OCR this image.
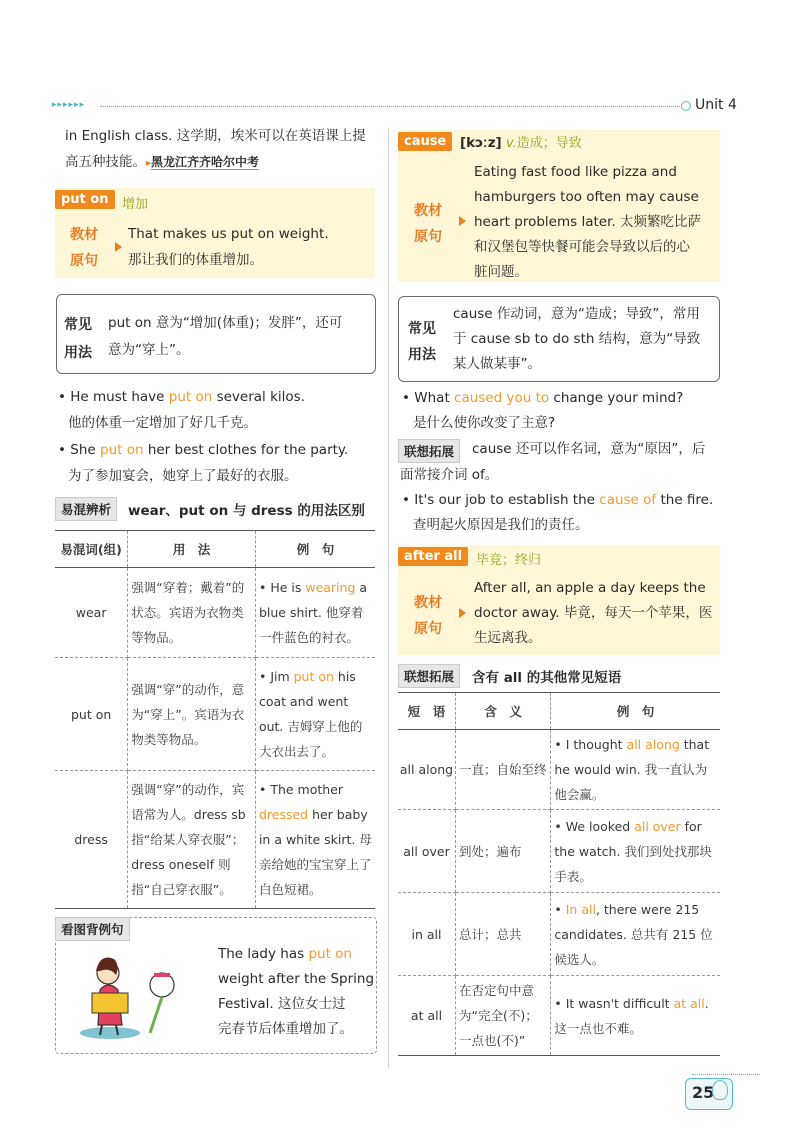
▸▸▸▸▸▸	Unit 4
in English class. 这学期，埃米可以在英语课上提
高五种技能。▸黑龙江齐齐哈尔中考
put on	增加
教材
原句
That makes us put on weight.
那让我们的体重增加。
常见
用法
put on 意为“增加(体重)；发胖”，还可
意为“穿上”。
• He must have put on several kilos.
他的体重一定增加了好几千克。
• She put on her best clothes for the party.
为了参加宴会，她穿上了最好的衣服。
易混辨析	wear、put on 与 dress 的用法区别
易混词(组)	用　法	例　句
wear	强调“穿着；戴着”的状态。宾语为衣物类等物品。	• He is wearing a blue shirt. 他穿着一件蓝色的衬衣。
put on	强调“穿”的动作，意为“穿上”。宾语为衣物类等物品。	• Jim put on his coat and went out. 吉姆穿上他的大衣出去了。
dress	强调“穿”的动作，宾语常为人。dress sb 指“给某人穿衣服”；dress oneself 则指“自己穿衣服”。	• The mother dressed her baby in a white skirt. 母亲给她的宝宝穿上了白色短裙。
看图背例句
The lady has put on
weight after the Spring
Festival. 这位女士过
完春节后体重增加了。
cause	[kɔːz] v.造成；导致
教材
原句
Eating fast food like pizza and
hamburgers too often may cause
heart problems later. 太频繁吃比萨
和汉堡包等快餐可能会导致以后的心
脏问题。
常见
用法
cause 作动词，意为“造成；导致”，常用
于 cause sb to do sth 结构，意为“导致
某人做某事”。
• What caused you to change your mind?
是什么使你改变了主意?
联想拓展	cause 还可以作名词，意为“原因”，后
面常接介词 of。
• It's our job to establish the cause of the fire.
查明起火原因是我们的责任。
after all	毕竟；终归
教材
原句
After all, an apple a day keeps the
doctor away. 毕竟，每天一个苹果，医
生远离我。
联想拓展	含有 all 的其他常见短语
短　语	含　义	例　句
all along	一直；自始至终	• I thought all along that he would win. 我一直认为他会赢。
all over	到处；遍布	• We looked all over for the watch. 我们到处找那块手表。
in all	总计；总共	• In all, there were 215 candidates. 总共有 215 位候选人。
at all	在否定句中意为“完全(不)；一点也(不)”	• It wasn't difficult at all. 这一点也不难。
25
